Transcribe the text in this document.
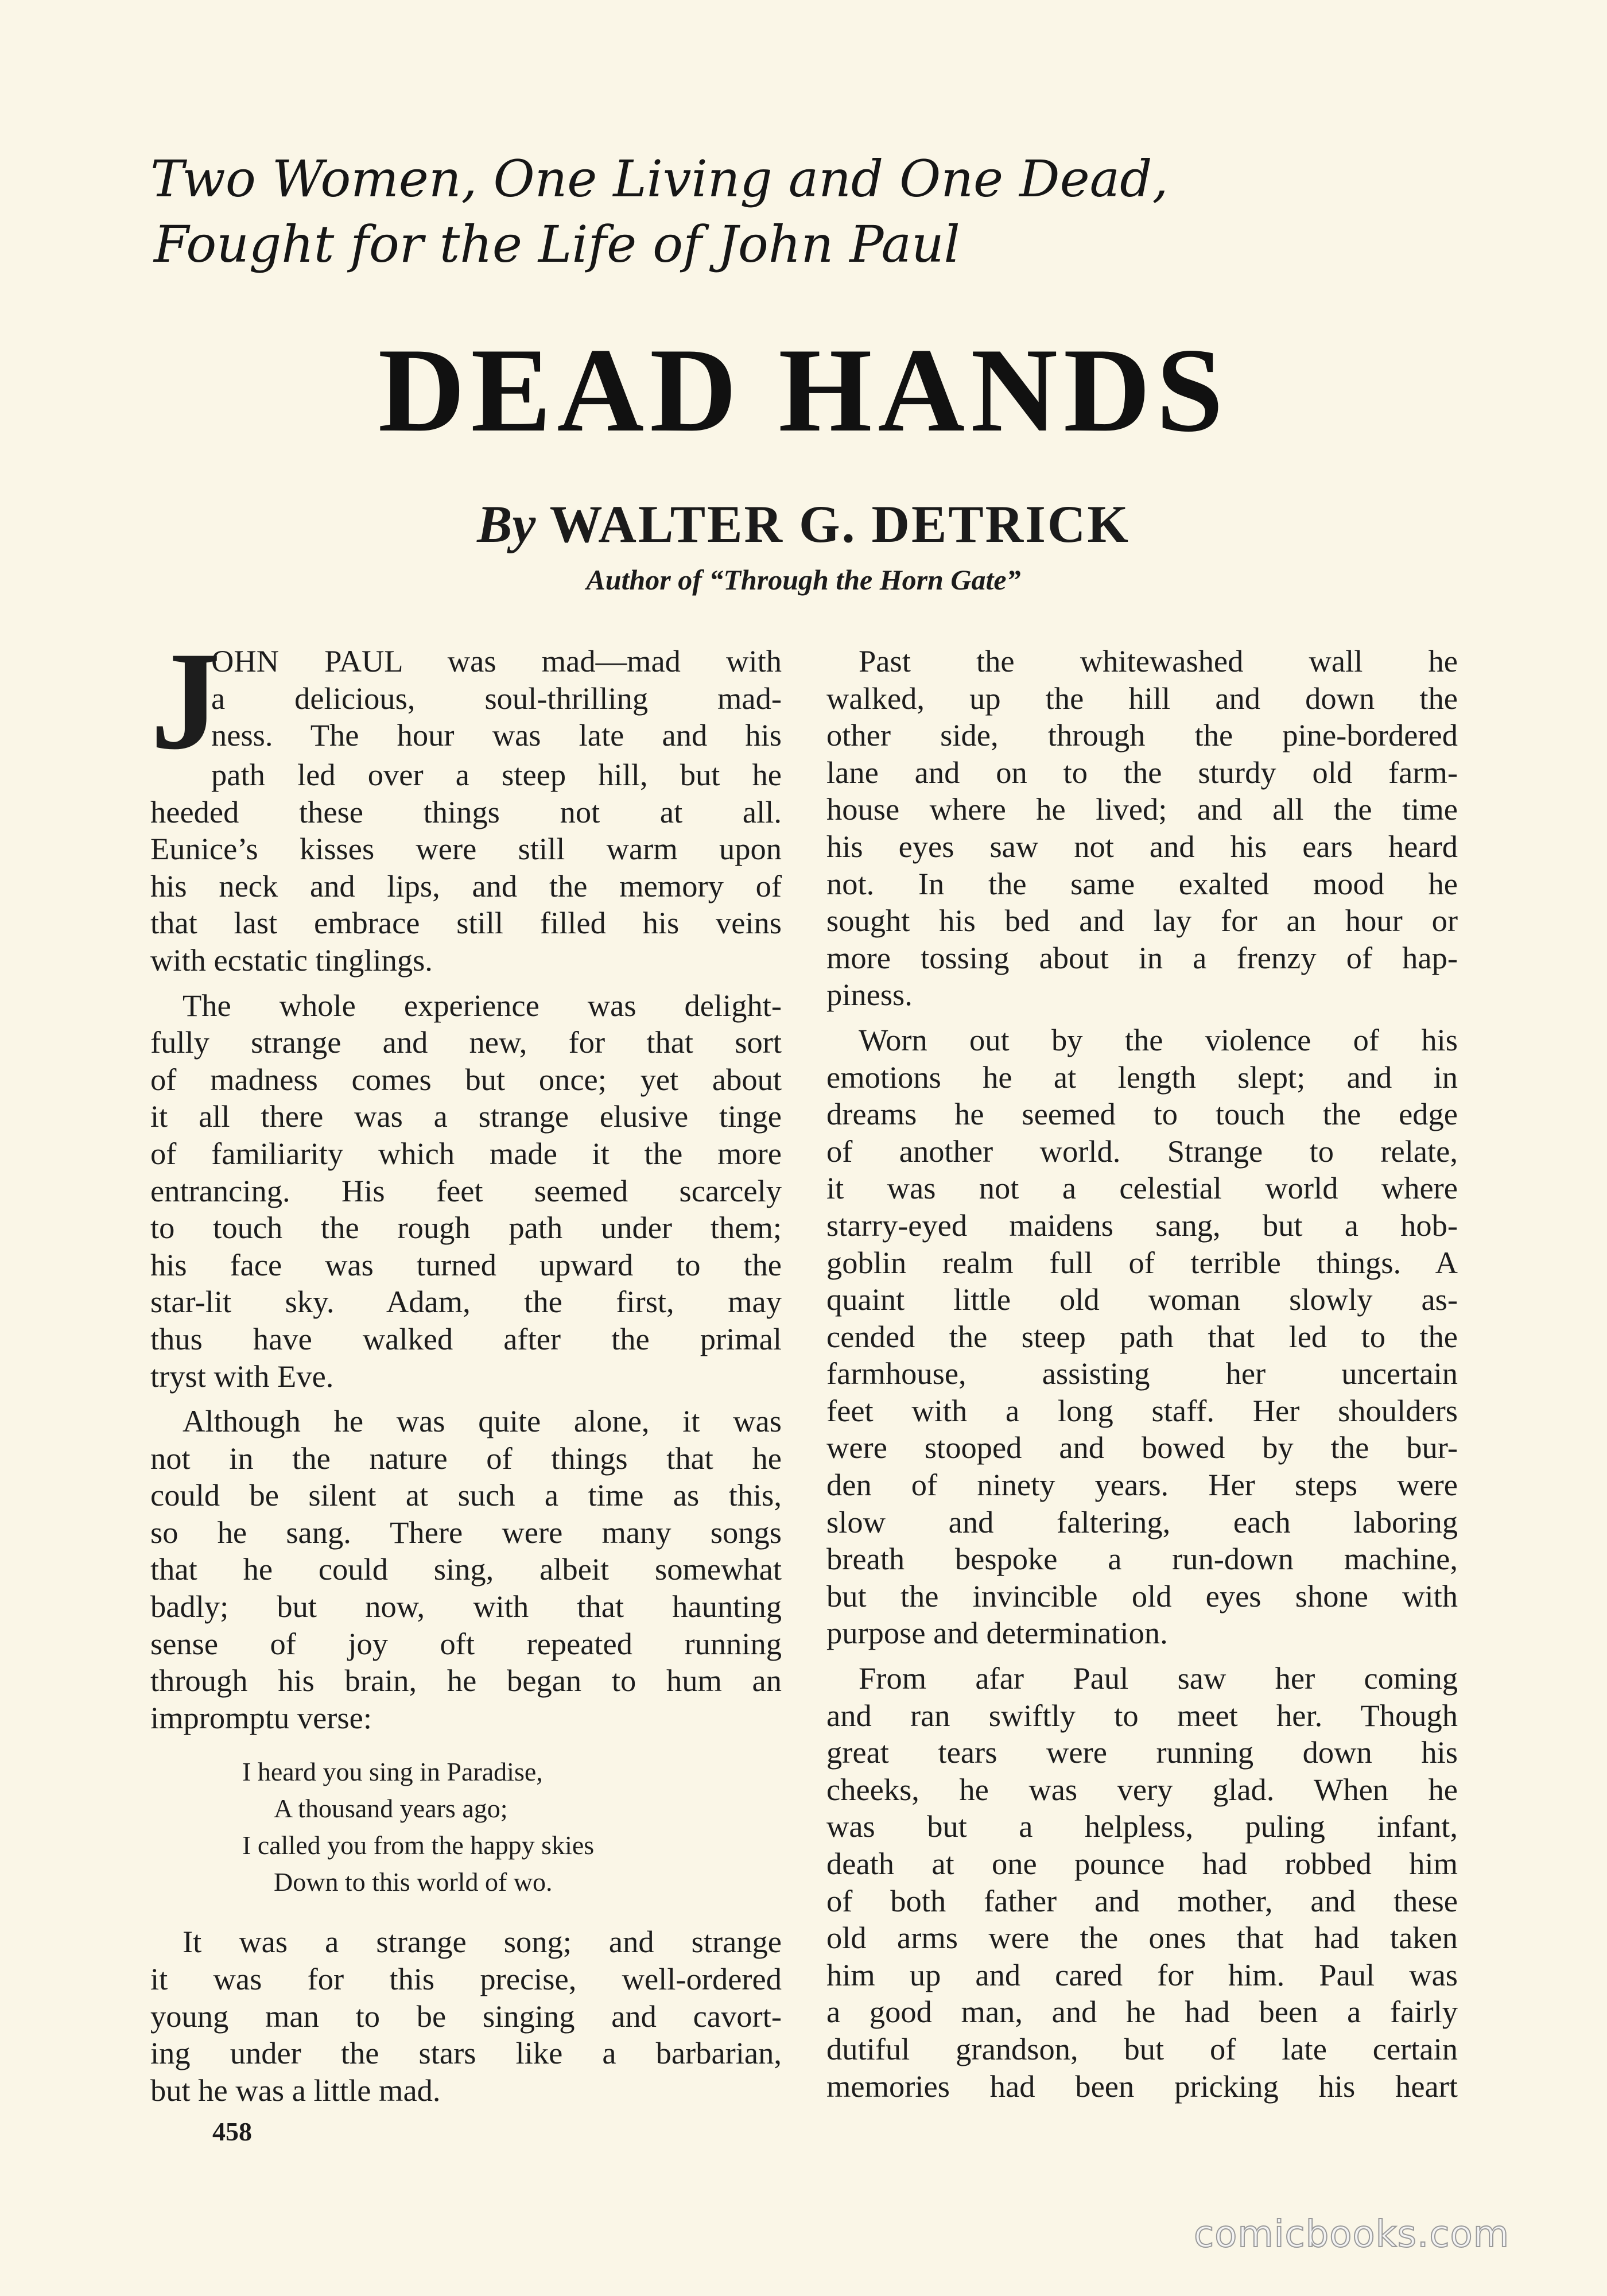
Two Women, One Living and One Dead,
Fought for the Life of John Paul
DEAD HANDS
By WALTER G. DETRICK
Author of “Through the Horn Gate”
J
OHN PAUL was mad—mad with
a delicious, soul-thrilling mad-
ness. The hour was late and his
path led over a steep hill, but he
heeded these things not at all.
Eunice’s kisses were still warm upon
his neck and lips, and the memory of
that last embrace still filled his veins
with ecstatic tinglings.
The whole experience was delight-
fully strange and new, for that sort
of madness comes but once; yet about
it all there was a strange elusive tinge
of familiarity which made it the more
entrancing. His feet seemed scarcely
to touch the rough path under them;
his face was turned upward to the
star-lit sky. Adam, the first, may
thus have walked after the primal
tryst with Eve.
Although he was quite alone, it was
not in the nature of things that he
could be silent at such a time as this,
so he sang. There were many songs
that he could sing, albeit somewhat
badly; but now, with that haunting
sense of joy oft repeated running
through his brain, he began to hum an
impromptu verse:
I heard you sing in Paradise,
A thousand years ago;
I called you from the happy skies
Down to this world of wo.
It was a strange song; and strange
it was for this precise, well-ordered
young man to be singing and cavort-
ing under the stars like a barbarian,
but he was a little mad.
Past the whitewashed wall he
walked, up the hill and down the
other side, through the pine-bordered
lane and on to the sturdy old farm-
house where he lived; and all the time
his eyes saw not and his ears heard
not. In the same exalted mood he
sought his bed and lay for an hour or
more tossing about in a frenzy of hap-
piness.
Worn out by the violence of his
emotions he at length slept; and in
dreams he seemed to touch the edge
of another world. Strange to relate,
it was not a celestial world where
starry-eyed maidens sang, but a hob-
goblin realm full of terrible things. A
quaint little old woman slowly as-
cended the steep path that led to the
farmhouse, assisting her uncertain
feet with a long staff. Her shoulders
were stooped and bowed by the bur-
den of ninety years. Her steps were
slow and faltering, each laboring
breath bespoke a run-down machine,
but the invincible old eyes shone with
purpose and determination.
From afar Paul saw her coming
and ran swiftly to meet her. Though
great tears were running down his
cheeks, he was very glad. When he
was but a helpless, puling infant,
death at one pounce had robbed him
of both father and mother, and these
old arms were the ones that had taken
him up and cared for him. Paul was
a good man, and he had been a fairly
dutiful grandson, but of late certain
memories had been pricking his heart
458
comicbooks.com
